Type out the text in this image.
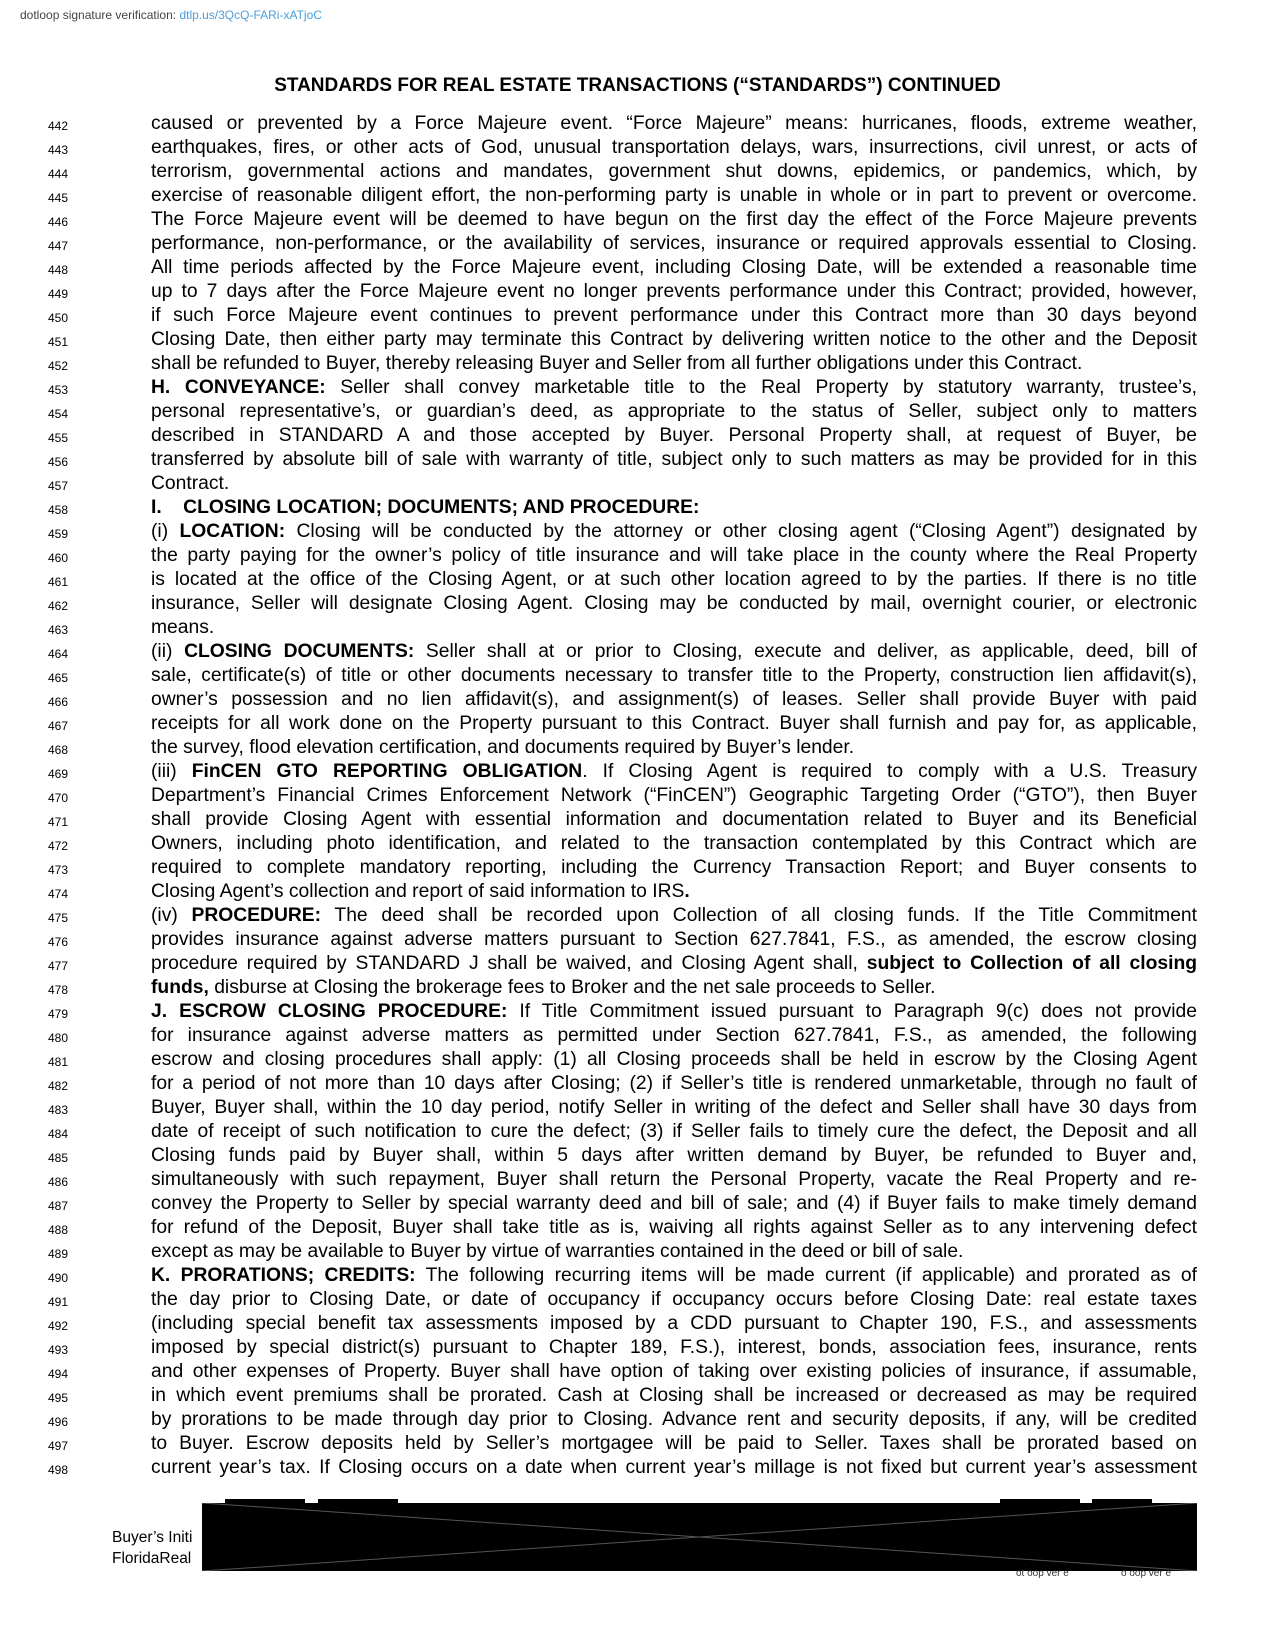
dotloop signature verification: dtlp.us/3QcQ-FARi-xATjoC
STANDARDS FOR REAL ESTATE TRANSACTIONS (“STANDARDS”) CONTINUED
442	caused or prevented by a Force Majeure event. “Force Majeure” means: hurricanes, floods, extreme weather,
443	earthquakes, fires, or other acts of God, unusual transportation delays, wars, insurrections, civil unrest, or acts of
444	terrorism, governmental actions and mandates, government shut downs, epidemics, or pandemics, which, by
445	exercise of reasonable diligent effort, the non-performing party is unable in whole or in part to prevent or overcome.
446	The Force Majeure event will be deemed to have begun on the first day the effect of the Force Majeure prevents
447	performance, non-performance, or the availability of services, insurance or required approvals essential to Closing.
448	All time periods affected by the Force Majeure event, including Closing Date, will be extended a reasonable time
449	up to 7 days after the Force Majeure event no longer prevents performance under this Contract; provided, however,
450	if such Force Majeure event continues to prevent performance under this Contract more than 30 days beyond
451	Closing Date, then either party may terminate this Contract by delivering written notice to the other and the Deposit
452	shall be refunded to Buyer, thereby releasing Buyer and Seller from all further obligations under this Contract.
453	H. CONVEYANCE: Seller shall convey marketable title to the Real Property by statutory warranty, trustee’s,
454	personal representative’s, or guardian’s deed, as appropriate to the status of Seller, subject only to matters
455	described in STANDARD A and those accepted by Buyer. Personal Property shall, at request of Buyer, be
456	transferred by absolute bill of sale with warranty of title, subject only to such matters as may be provided for in this
457	Contract.
458	I.    CLOSING LOCATION; DOCUMENTS; AND PROCEDURE:
459	(i) LOCATION: Closing will be conducted by the attorney or other closing agent (“Closing Agent”) designated by
460	the party paying for the owner’s policy of title insurance and will take place in the county where the Real Property
461	is located at the office of the Closing Agent, or at such other location agreed to by the parties. If there is no title
462	insurance, Seller will designate Closing Agent. Closing may be conducted by mail, overnight courier, or electronic
463	means.
464	(ii) CLOSING DOCUMENTS: Seller shall at or prior to Closing, execute and deliver, as applicable, deed, bill of
465	sale, certificate(s) of title or other documents necessary to transfer title to the Property, construction lien affidavit(s),
466	owner’s possession and no lien affidavit(s), and assignment(s) of leases. Seller shall provide Buyer with paid
467	receipts for all work done on the Property pursuant to this Contract. Buyer shall furnish and pay for, as applicable,
468	the survey, flood elevation certification, and documents required by Buyer’s lender.
469	(iii) FinCEN GTO REPORTING OBLIGATION. If Closing Agent is required to comply with a U.S. Treasury
470	Department’s Financial Crimes Enforcement Network (“FinCEN”) Geographic Targeting Order (“GTO”), then Buyer
471	shall provide Closing Agent with essential information and documentation related to Buyer and its Beneficial
472	Owners, including photo identification, and related to the transaction contemplated by this Contract which are
473	required to complete mandatory reporting, including the Currency Transaction Report; and Buyer consents to
474	Closing Agent’s collection and report of said information to IRS.
475	(iv) PROCEDURE: The deed shall be recorded upon Collection of all closing funds. If the Title Commitment
476	provides insurance against adverse matters pursuant to Section 627.7841, F.S., as amended, the escrow closing
477	procedure required by STANDARD J shall be waived, and Closing Agent shall, subject to Collection of all closing
478	funds, disburse at Closing the brokerage fees to Broker and the net sale proceeds to Seller.
479	J. ESCROW CLOSING PROCEDURE: If Title Commitment issued pursuant to Paragraph 9(c) does not provide
480	for insurance against adverse matters as permitted under Section 627.7841, F.S., as amended, the following
481	escrow and closing procedures shall apply: (1) all Closing proceeds shall be held in escrow by the Closing Agent
482	for a period of not more than 10 days after Closing; (2) if Seller’s title is rendered unmarketable, through no fault of
483	Buyer, Buyer shall, within the 10 day period, notify Seller in writing of the defect and Seller shall have 30 days from
484	date of receipt of such notification to cure the defect; (3) if Seller fails to timely cure the defect, the Deposit and all
485	Closing funds paid by Buyer shall, within 5 days after written demand by Buyer, be refunded to Buyer and,
486	simultaneously with such repayment, Buyer shall return the Personal Property, vacate the Real Property and re-
487	convey the Property to Seller by special warranty deed and bill of sale; and (4) if Buyer fails to make timely demand
488	for refund of the Deposit, Buyer shall take title as is, waiving all rights against Seller as to any intervening defect
489	except as may be available to Buyer by virtue of warranties contained in the deed or bill of sale.
490	K. PRORATIONS; CREDITS: The following recurring items will be made current (if applicable) and prorated as of
491	the day prior to Closing Date, or date of occupancy if occupancy occurs before Closing Date: real estate taxes
492	(including special benefit tax assessments imposed by a CDD pursuant to Chapter 190, F.S., and assessments
493	imposed by special district(s) pursuant to Chapter 189, F.S.), interest, bonds, association fees, insurance, rents
494	and other expenses of Property. Buyer shall have option of taking over existing policies of insurance, if assumable,
495	in which event premiums shall be prorated. Cash at Closing shall be increased or decreased as may be required
496	by prorations to be made through day prior to Closing. Advance rent and security deposits, if any, will be credited
497	to Buyer. Escrow deposits held by Seller’s mortgagee will be paid to Seller. Taxes shall be prorated based on
498	current year’s tax. If Closing occurs on a date when current year’s millage is not fixed but current year’s assessment
Buyer’s Initi
FloridaReal
ot oop ver e	o oop ver e
